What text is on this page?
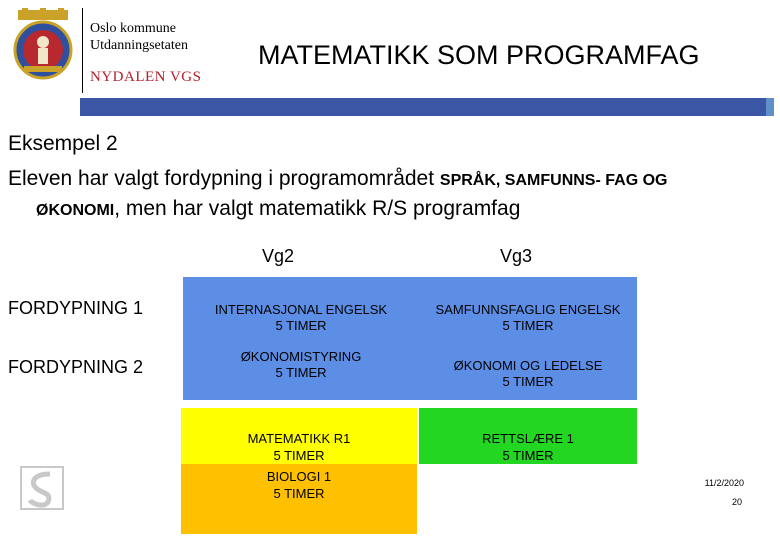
Oslo kommune
Utdanningsetaten
NYDALEN VGS
MATEMATIKK SOM PROGRAMFAG
Eksempel 2
Eleven har valgt fordypning i programområdet SPRÅK, SAMFUNNS- FAG OG
ØKONOMI, men har valgt matematikk R/S programfag
Vg2	Vg3
FORDYPNING 1
FORDYPNING 2
INTERNASJONAL ENGELSK
5 TIMER
SAMFUNNSFAGLIG ENGELSK
5 TIMER
ØKONOMISTYRING
5 TIMER	ØKONOMI OG LEDELSE
5 TIMER
MATEMATIKK R1
5 TIMER
BIOLOGI 1
5 TIMER
RETTSLÆRE 1
5 TIMER
11/2/2020
20
